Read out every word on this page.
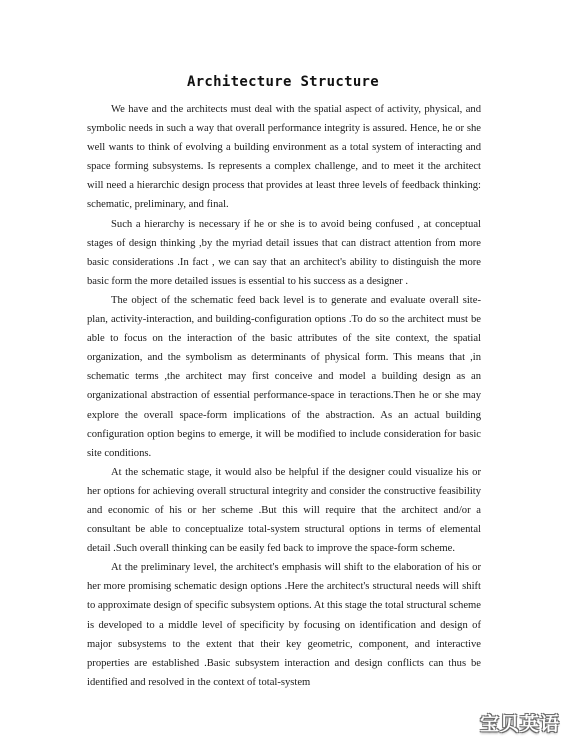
Architecture Structure

We have and the architects must deal with the spatial aspect of activity, physical, and symbolic needs in such a way that overall performance integrity is assured. Hence, he or she well wants to think of evolving a building environment as a total system of interacting and space forming subsystems. Is represents a complex challenge, and to meet it the architect will need a hierarchic design process that provides at least three levels of feedback thinking: schematic, preliminary, and final.

Such a hierarchy is necessary if he or she is to avoid being confused , at conceptual stages of design thinking ,by the myriad detail issues that can distract attention from more basic considerations .In fact , we can say that an architect's ability to distinguish the more basic form the more detailed issues is essential to his success as a designer .

The object of the schematic feed back level is to generate and evaluate overall site-plan, activity-interaction, and building-configuration options .To do so the architect must be able to focus on the interaction of the basic attributes of the site context, the spatial organization, and the symbolism as determinants of physical form. This means that ,in schematic terms ,the architect may first conceive and model a building design as an organizational abstraction of essential performance-space in teractions.Then he or she may explore the overall space-form implications of the abstraction. As an actual building configuration option begins to emerge, it will be modified to include consideration for basic site conditions.

At the schematic stage, it would also be helpful if the designer could visualize his or her options for achieving overall structural integrity and consider the constructive feasibility and economic of his or her scheme .But this will require that the architect and/or a consultant be able to conceptualize total-system structural options in terms of elemental detail .Such overall thinking can be easily fed back to improve the space-form scheme.

At the preliminary level, the architect's emphasis will shift to the elaboration of his or her more promising schematic design options .Here the architect's structural needs will shift to approximate design of specific subsystem options. At this stage the total structural scheme is developed to a middle level of specificity by focusing on identification and design of major subsystems to the extent that their key geometric, component, and interactive properties are established .Basic subsystem interaction and design conflicts can thus be identified and resolved in the context of total-system

宝贝英语
